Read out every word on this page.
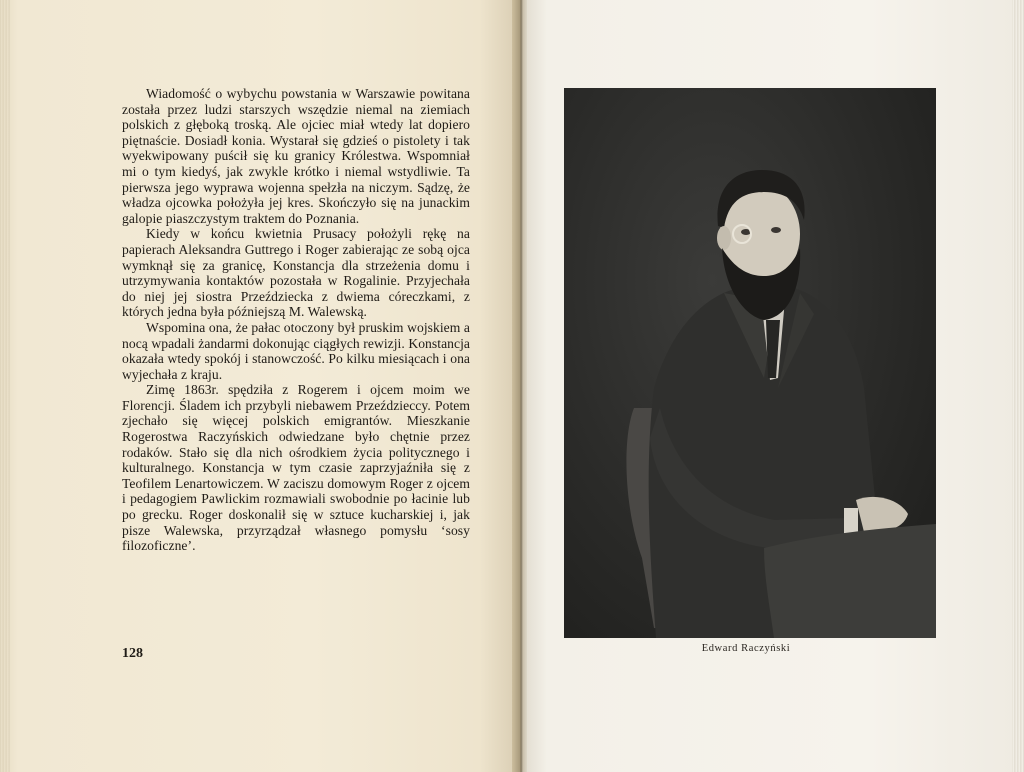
Wiadomość o wybychu powstania w Warszawie powitana została przez ludzi starszych wszędzie niemal na ziemiach polskich z głęboką troską. Ale ojciec miał wtedy lat dopiero piętnaście. Dosiadł konia. Wystarał się gdzieś o pistolety i tak wyekwipowany puścił się ku granicy Królestwa. Wspomniał mi o tym kiedyś, jak zwykle krótko i niemal wstydliwie. Ta pierwsza jego wyprawa wojenna spełzła na niczym. Sądzę, że władza ojcowka położyła jej kres. Skończyło się na junackim galopie piaszczystym traktem do Poznania.

Kiedy w końcu kwietnia Prusacy położyli rękę na papierach Aleksandra Guttrego i Roger zabierając ze sobą ojca wymknął się za granicę, Konstancja dla strzeżenia domu i utrzymywania kontaktów pozostała w Rogalinie. Przyjechała do niej jej siostra Przeździecka z dwiema córeczkami, z których jedna była późniejszą M. Walewską.

Wspomina ona, że pałac otoczony był pruskim wojskiem a nocą wpadali żandarmi dokonując ciągłych rewizji. Konstancja okazała wtedy spokój i stanowczość. Po kilku miesiącach i ona wyjechała z kraju.

Zimę 1863r. spędziła z Rogerem i ojcem moim we Florencji. Śladem ich przybyli niebawem Przeździeccy. Potem zjechało się więcej polskich emigrantów. Mieszkanie Rogerostwa Raczyńskich odwiedzane było chętnie przez rodaków. Stało się dla nich ośrodkiem życia politycznego i kulturalnego. Konstancja w tym czasie zaprzyjaźniła się z Teofilem Lenartowiczem. W zaciszu domowym Roger z ojcem i pedagogiem Pawlickim rozmawiali swobodnie po łacinie lub po grecku. Roger doskonalił się w sztuce kucharskiej i, jak pisze Walewska, przyrządzał własnego pomysłu ‘sosy filozoficzne’.

128	Edward Raczyński
